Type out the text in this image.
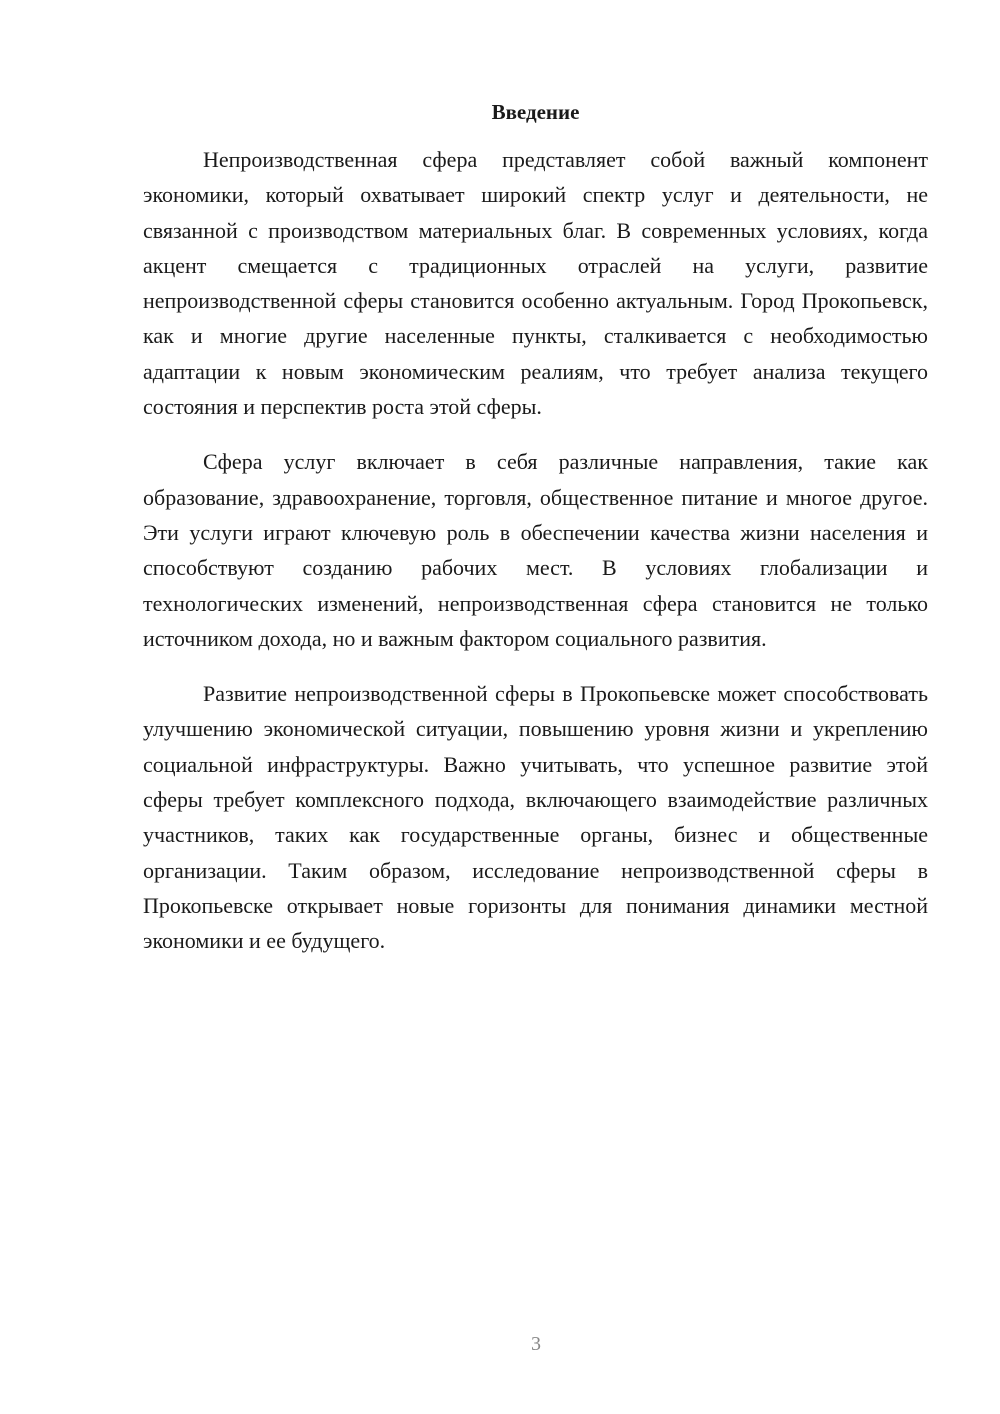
Введение

Непроизводственная сфера представляет собой важный компонент экономики, который охватывает широкий спектр услуг и деятельности, не связанной с производством материальных благ. В современных условиях, когда акцент смещается с традиционных отраслей на услуги, развитие непроизводственной сферы становится особенно актуальным. Город Прокопьевск, как и многие другие населенные пункты, сталкивается с необходимостью адаптации к новым экономическим реалиям, что требует анализа текущего состояния и перспектив роста этой сферы.

Сфера услуг включает в себя различные направления, такие как образование, здравоохранение, торговля, общественное питание и многое другое. Эти услуги играют ключевую роль в обеспечении качества жизни населения и способствуют созданию рабочих мест. В условиях глобализации и технологических изменений, непроизводственная сфера становится не только источником дохода, но и важным фактором социального развития.

Развитие непроизводственной сферы в Прокопьевске может способствовать улучшению экономической ситуации, повышению уровня жизни и укреплению социальной инфраструктуры. Важно учитывать, что успешное развитие этой сферы требует комплексного подхода, включающего взаимодействие различных участников, таких как государственные органы, бизнес и общественные организации. Таким образом, исследование непроизводственной сферы в Прокопьевске открывает новые горизонты для понимания динамики местной экономики и ее будущего.

3
